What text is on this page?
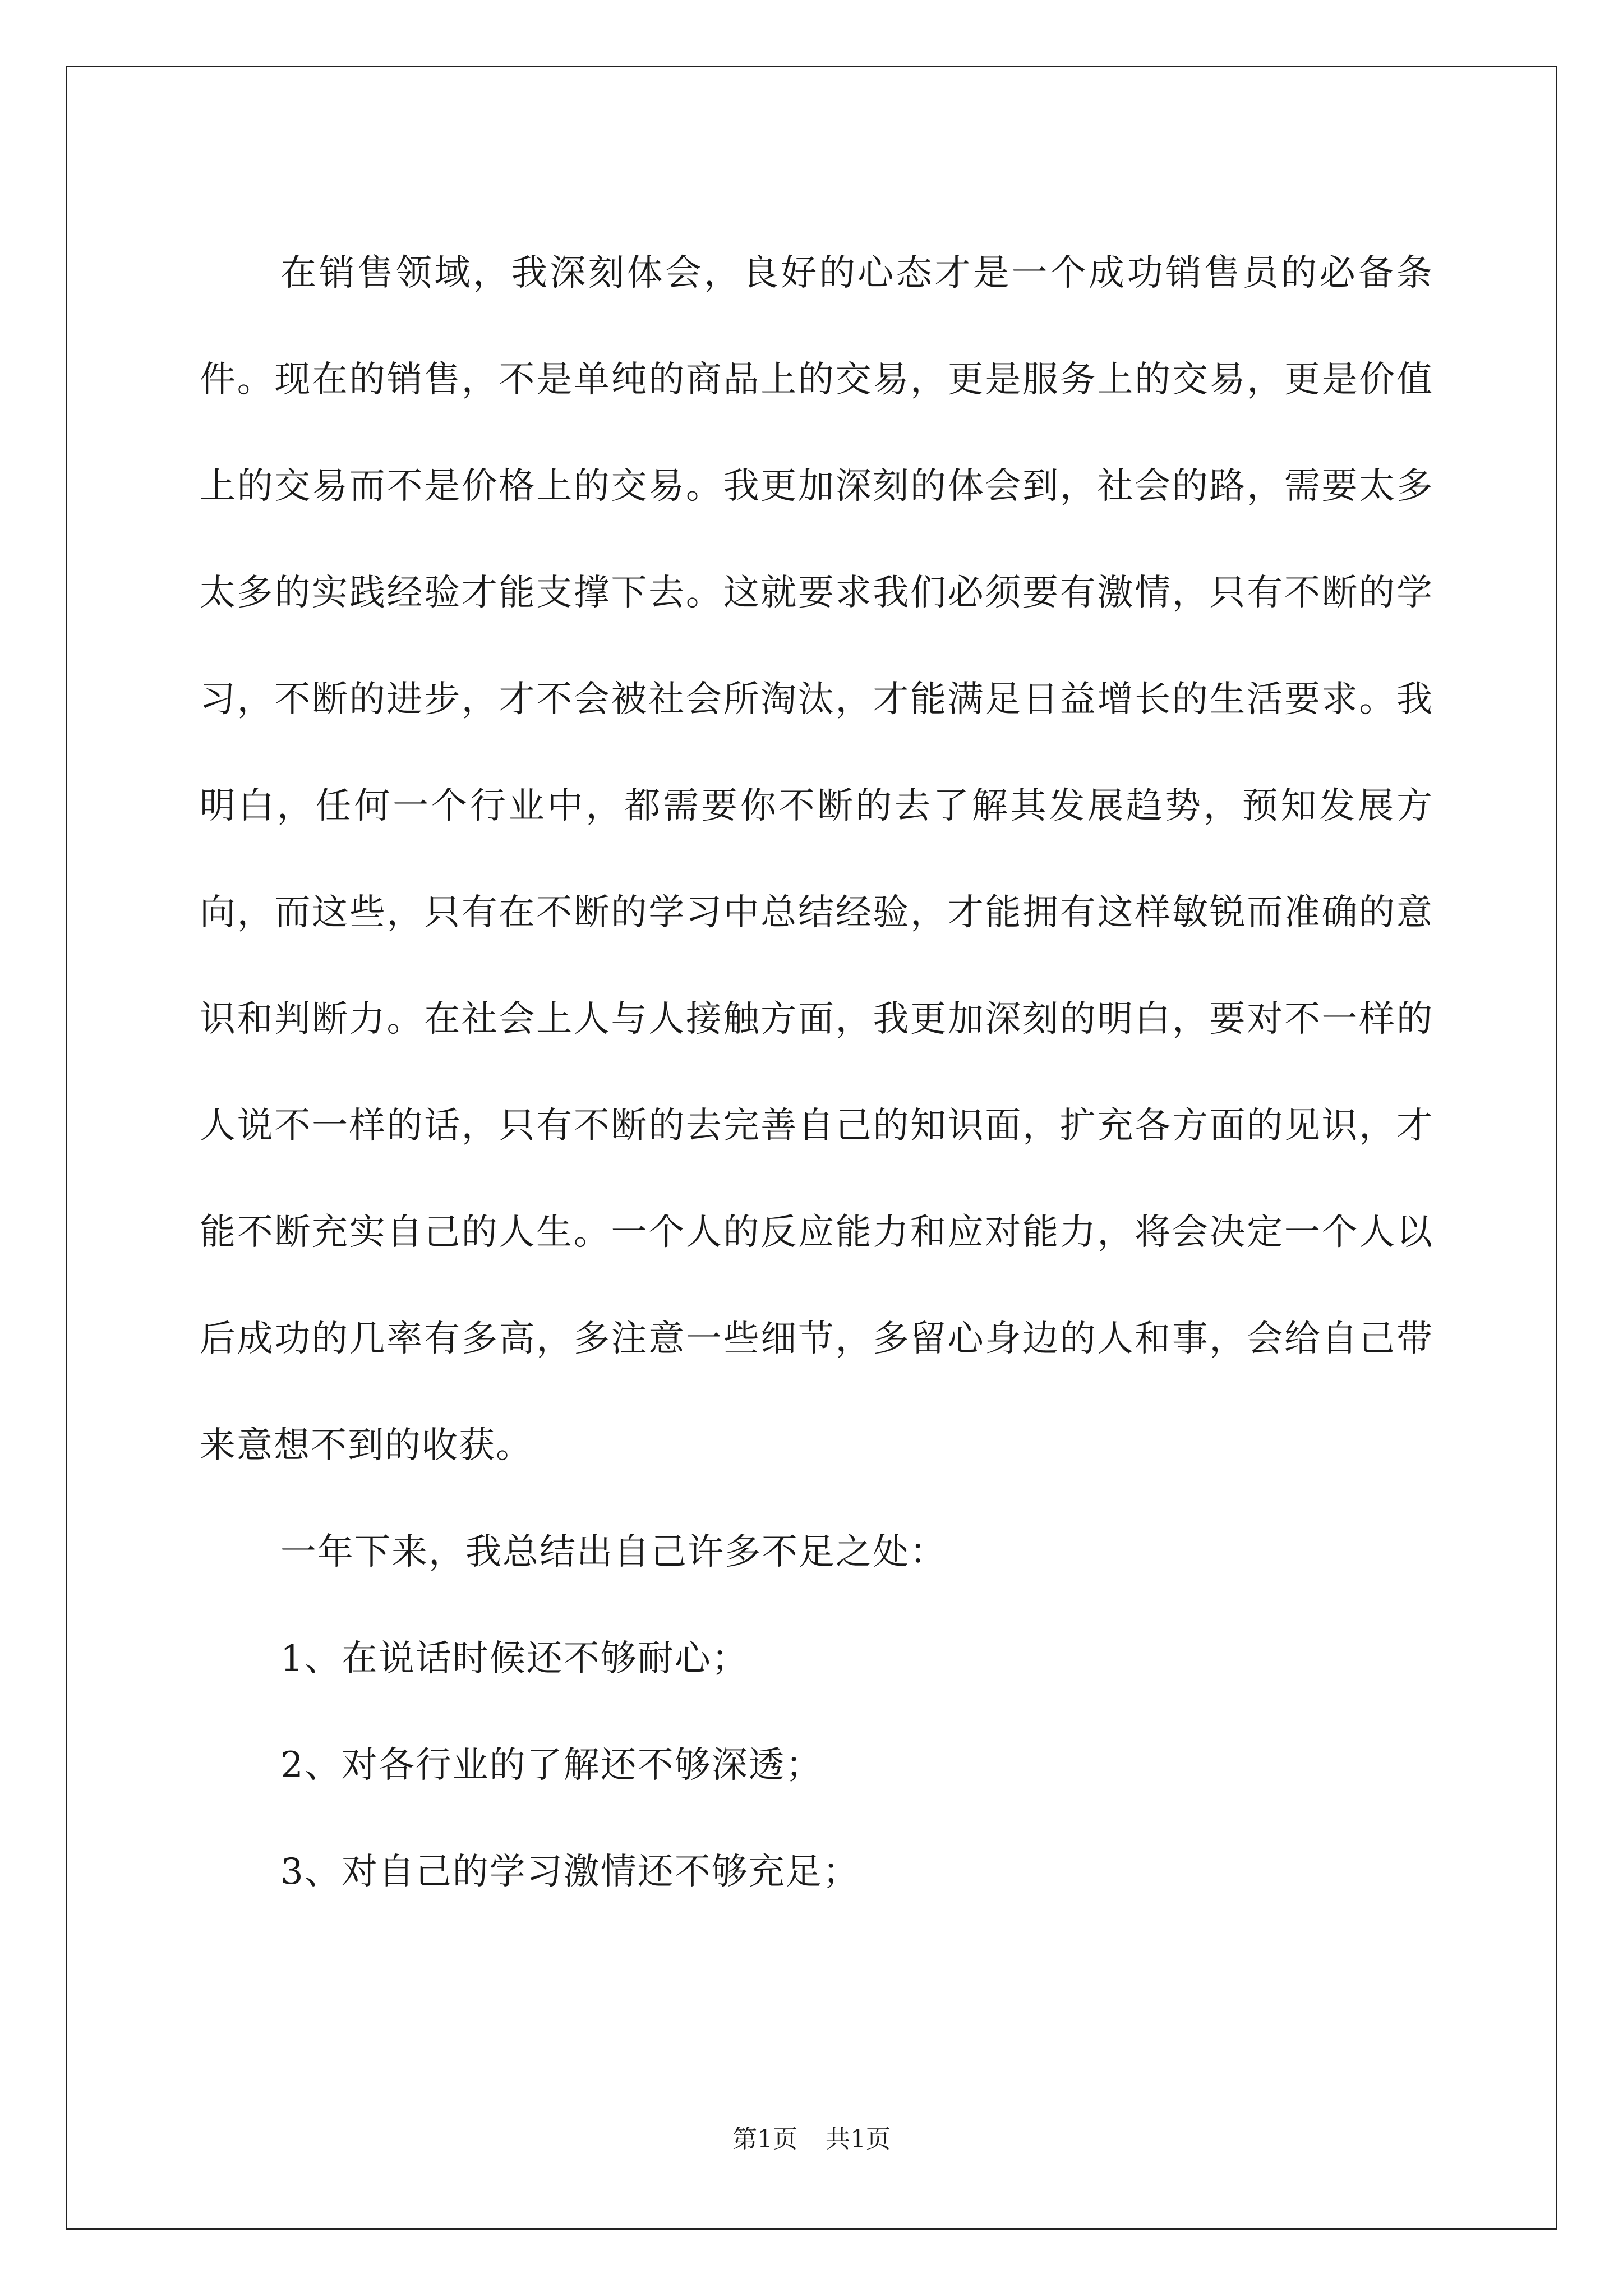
在销售领域，我深刻体会，良好的心态才是一个成功销售员的必备条件。现在的销售，不是单纯的商品上的交易，更是服务上的交易，更是价值上的交易而不是价格上的交易。我更加深刻的体会到，社会的路，需要太多太多的实践经验才能支撑下去。这就要求我们必须要有激情，只有不断的学习，不断的进步，才不会被社会所淘汰，才能满足日益增长的生活要求。我明白，任何一个行业中，都需要你不断的去了解其发展趋势，预知发展方向，而这些，只有在不断的学习中总结经验，才能拥有这样敏锐而准确的意识和判断力。在社会上人与人接触方面，我更加深刻的明白，要对不一样的人说不一样的话，只有不断的去完善自己的知识面，扩充各方面的见识，才能不断充实自己的人生。一个人的反应能力和应对能力，将会决定一个人以后成功的几率有多高，多注意一些细节，多留心身边的人和事，会给自己带来意想不到的收获。

一年下来，我总结出自己许多不足之处：

1、在说话时候还不够耐心；

2、对各行业的了解还不够深透；

3、对自己的学习激情还不够充足；

第1页 共1页
